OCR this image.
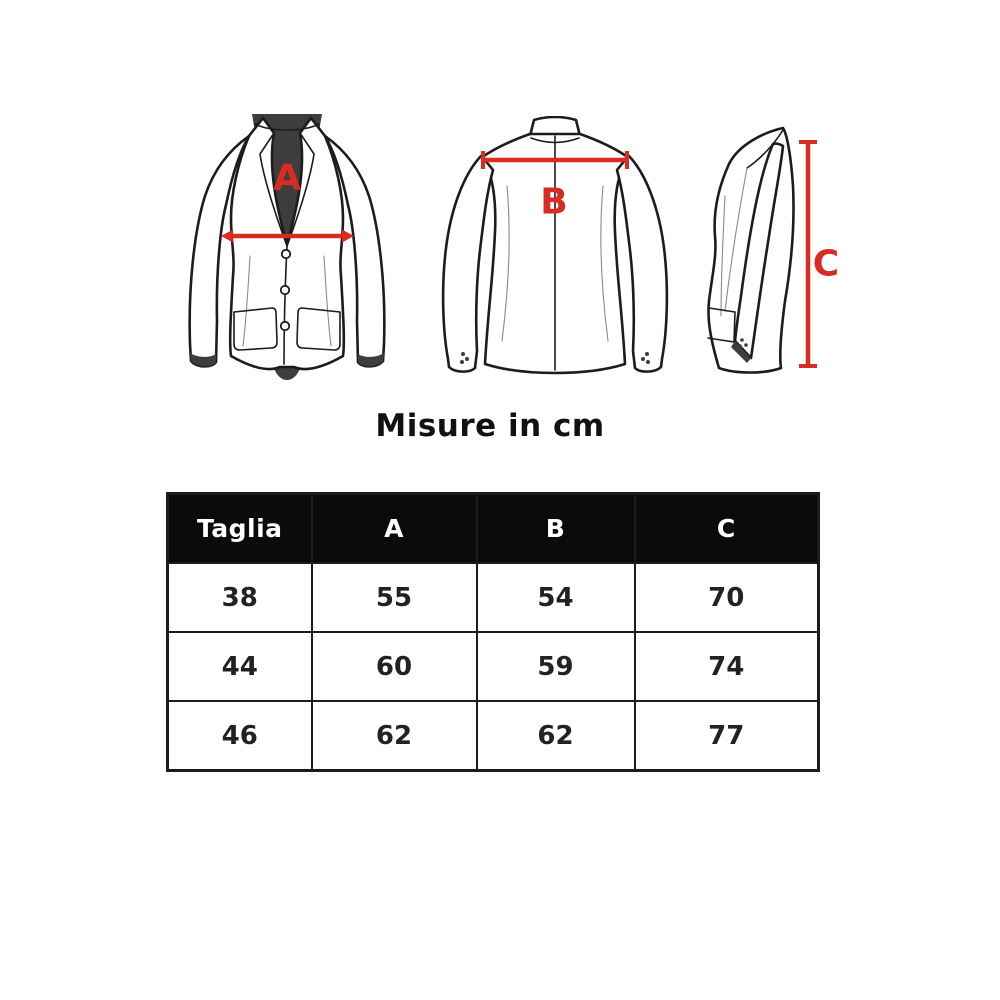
A
B
C
Misure in cm
Taglia	A	B	C
38	55	54	70
44	60	59	74
46	62	62	77
